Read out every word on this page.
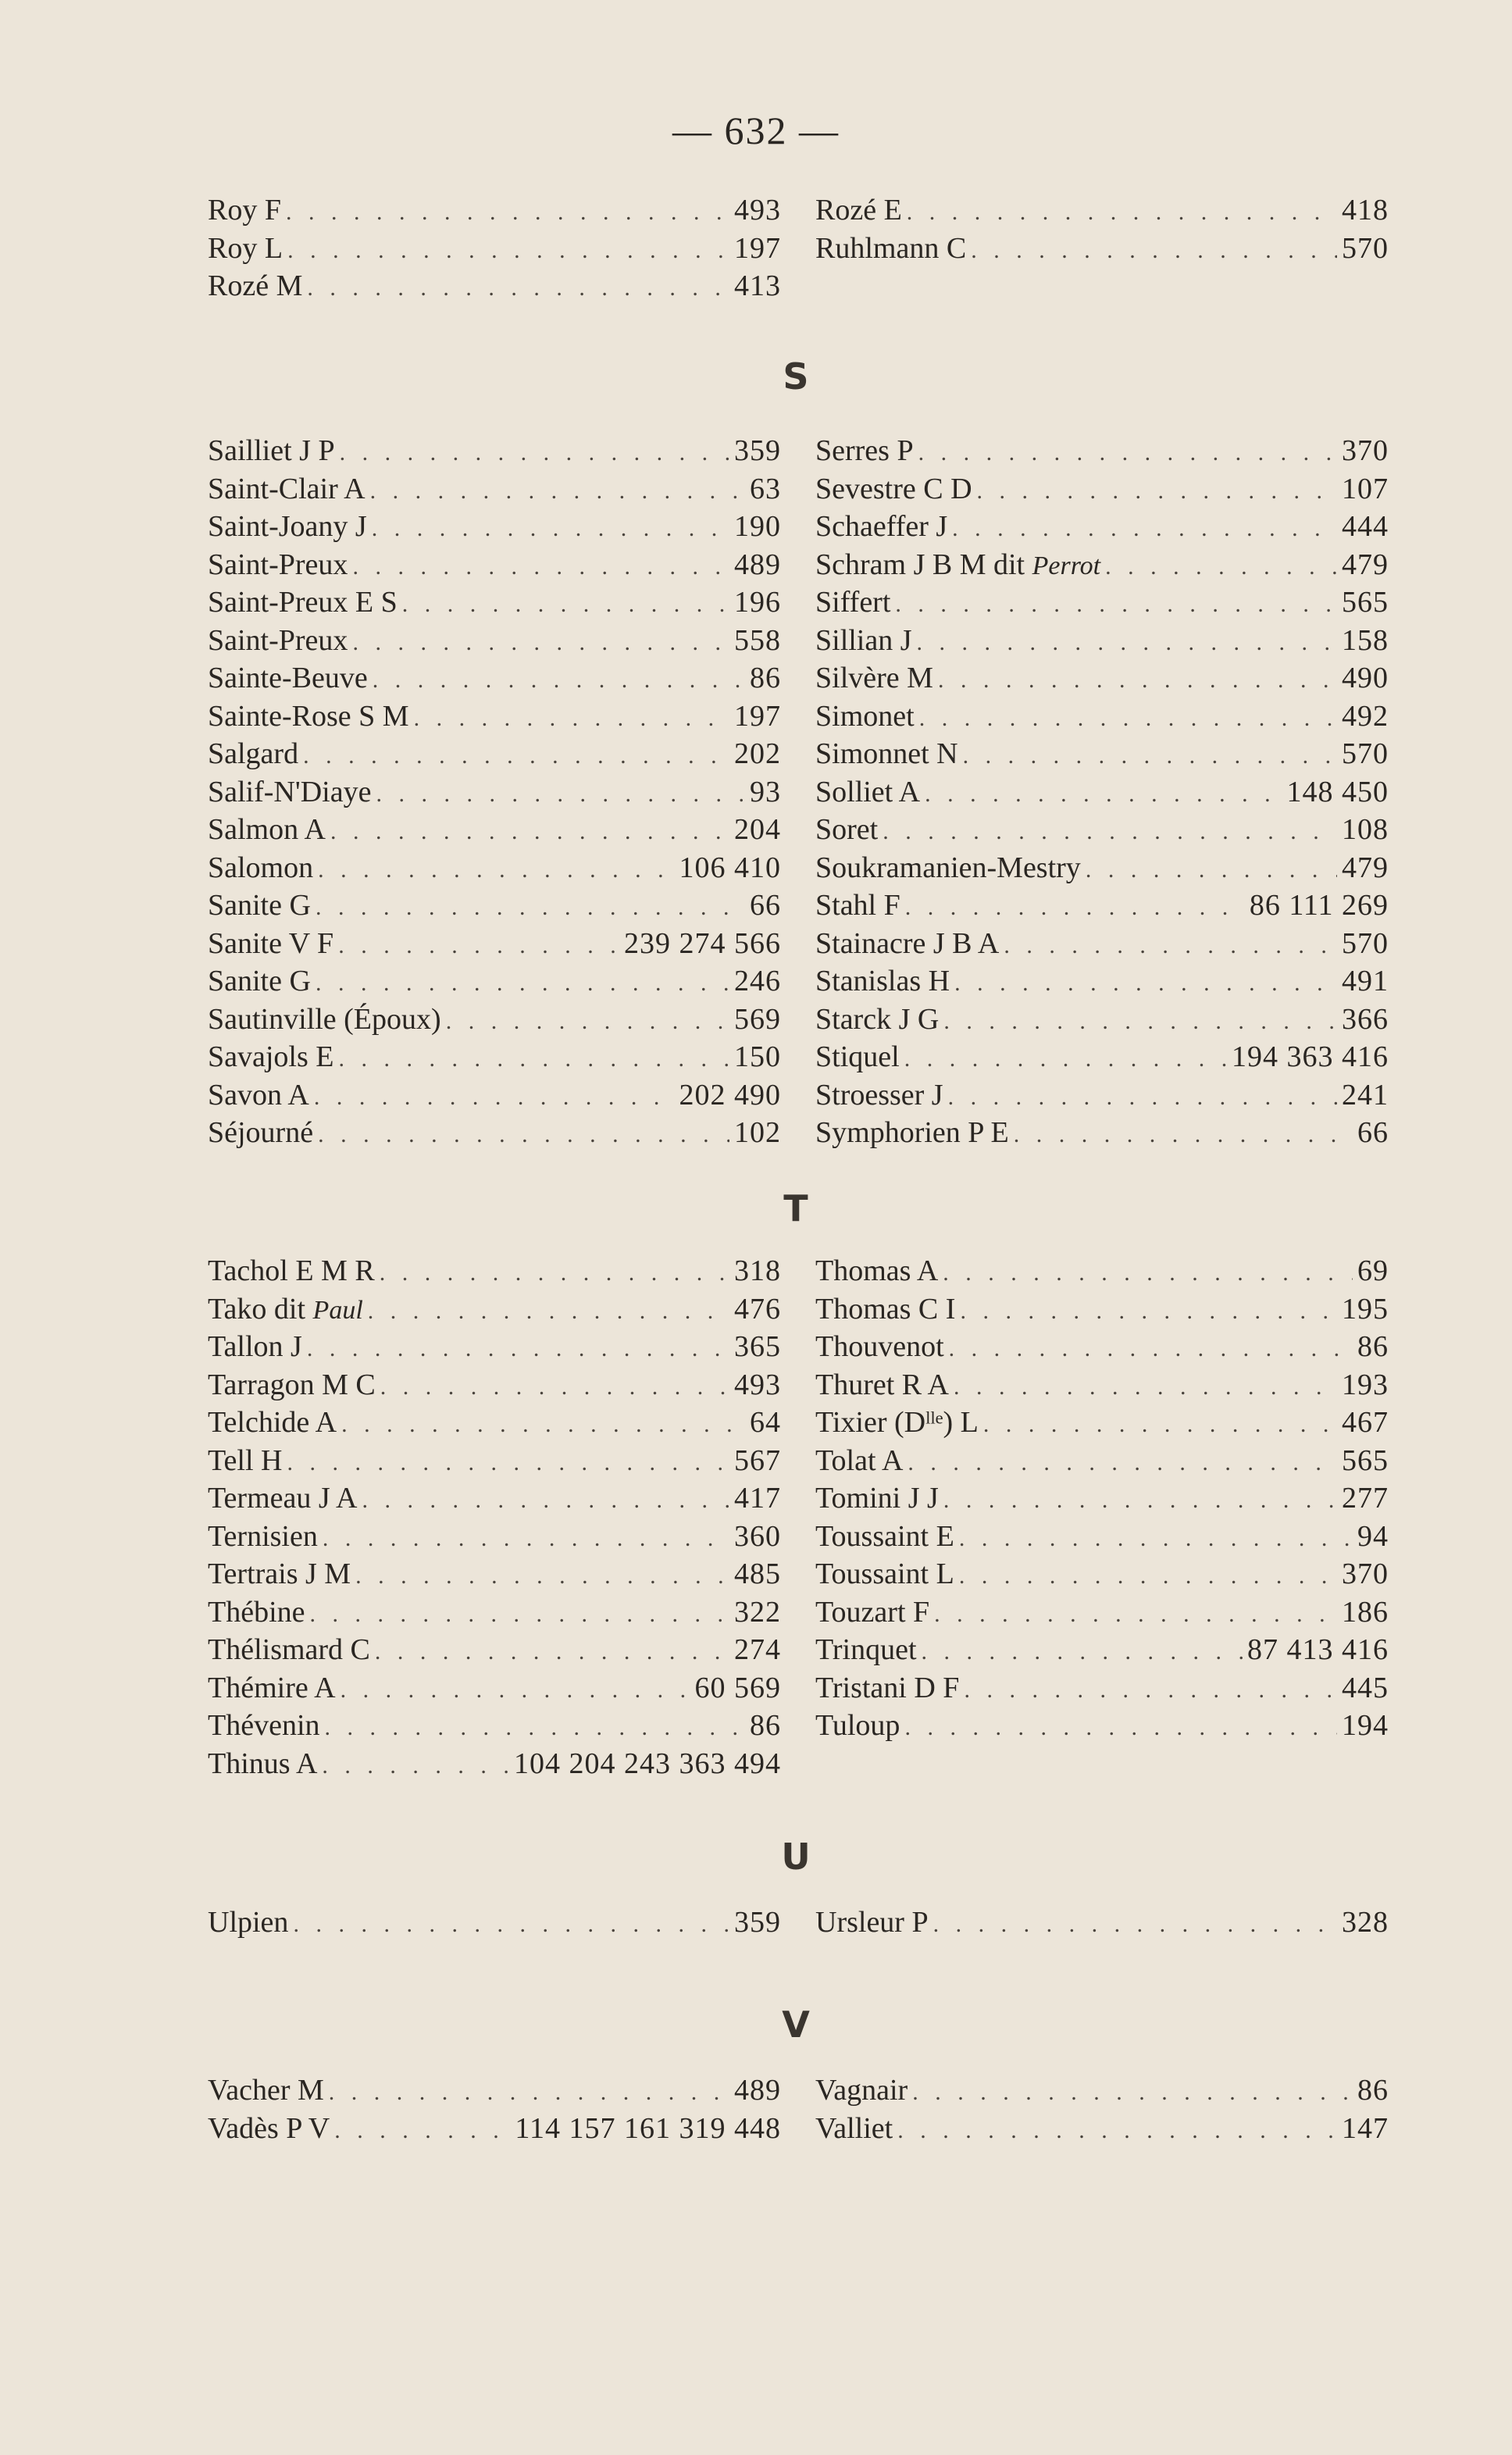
— 632 —
Roy F . . .	493
Roy L . . .	197
Rozé M . . .	413
Rozé E . . .	418
Ruhlmann C . . .	570
S
Sailliet J P . . .	359
Saint-Clair A . . .	63
Saint-Joany J . . .	190
Saint-Preux . . .	489
Saint-Preux E S . . .	196
Saint-Preux . . .	558
Sainte-Beuve . . .	86
Sainte-Rose S M . . .	197
Salgard . . .	202
Salif-N'Diaye . . .	93
Salmon A . . .	204
Salomon . . .	106 410
Sanite G . . .	66
Sanite V F . . .	239 274 566
Sanite G . . .	246
Sautinville (Époux) . . .	569
Savajols E . . .	150
Savon A . . .	202 490
Séjourné . . .	102
Serres P . . .	370
Sevestre C D . . .	107
Schaeffer J . . .	444
Schram J B M dit Perrot . . .	479
Siffert . . .	565
Sillian J . . .	158
Silvère M . . .	490
Simonet . . .	492
Simonnet N . . .	570
Solliet A . . .	148 450
Soret . . .	108
Soukramanien-Mestry . . .	479
Stahl F . . .	86 111 269
Stainacre J B A . . .	570
Stanislas H . . .	491
Starck J G . . .	366
Stiquel . . .	194 363 416
Stroesser J . . .	241
Symphorien P E . . .	66
T
Tachol E M R . . .	318
Tako dit Paul . . .	476
Tallon J . . .	365
Tarragon M C . . .	493
Telchide A . . .	64
Tell H . . .	567
Termeau J A . . .	417
Ternisien . . .	360
Tertrais J M . . .	485
Thébine . . .	322
Thélismard C . . .	274
Thémire A . . .	60 569
Thévenin . . .	86
Thinus A . . .	104 204 243 363 494
Thomas A . . .	69
Thomas C I . . .	195
Thouvenot . . .	86
Thuret R A . . .	193
Tixier (Dˡˡᵉ) L . . .	467
Tolat A . . .	565
Tomini J J . . .	277
Toussaint E . . .	94
Toussaint L . . .	370
Touzart F . . .	186
Trinquet . . .	87 413 416
Tristani D F . . .	445
Tuloup . . .	194
U
Ulpien . . .	359 Ursleur P . . .	328
V
Vacher M . . .	489
Vadès P V . . .	114 157 161 319 448
Vagnair . . .	86
Valliet . . .	147
